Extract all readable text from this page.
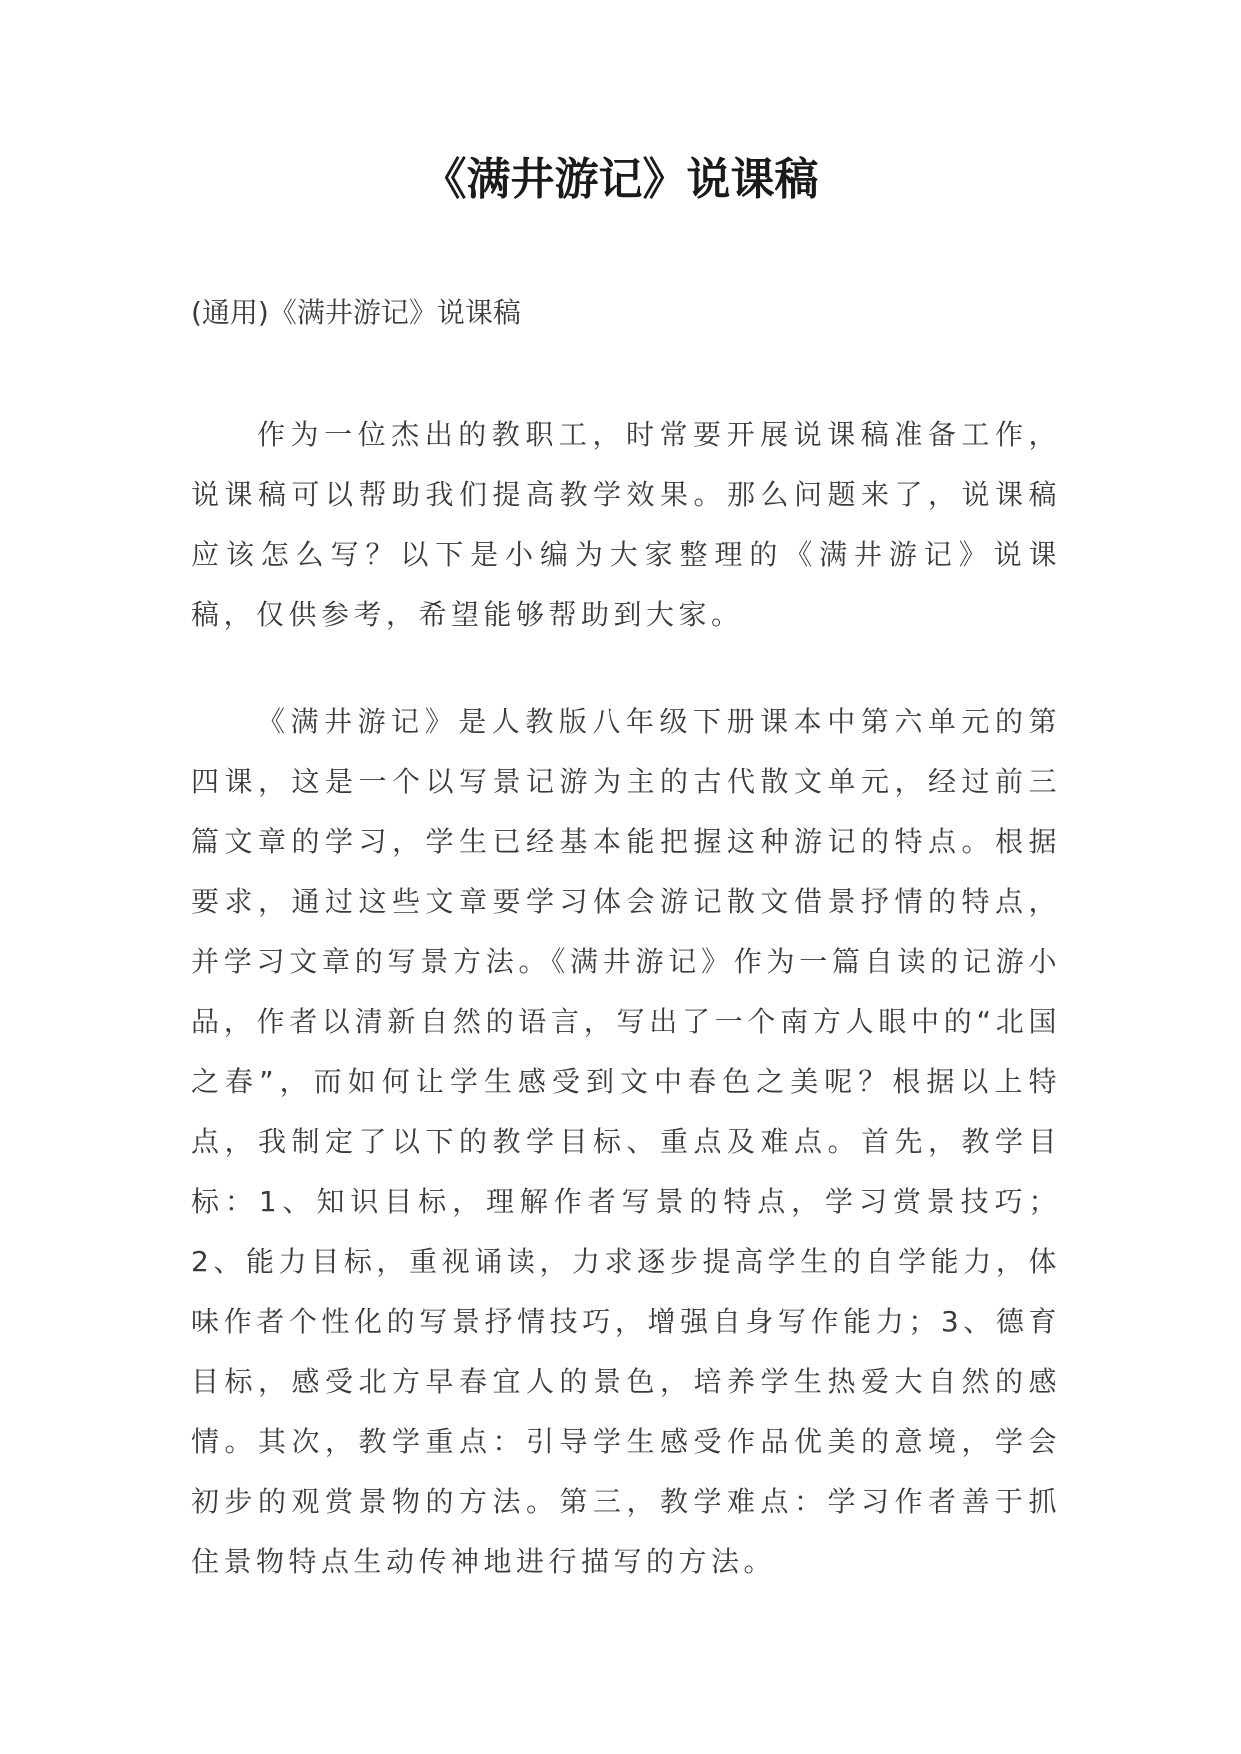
《满井游记》说课稿

(通用)《满井游记》说课稿

作为一位杰出的教职工，时常要开展说课稿准备工作，说课稿可以帮助我们提高教学效果。那么问题来了，说课稿应该怎么写？以下是小编为大家整理的《满井游记》说课稿，仅供参考，希望能够帮助到大家。

《满井游记》是人教版八年级下册课本中第六单元的第四课，这是一个以写景记游为主的古代散文单元，经过前三篇文章的学习，学生已经基本能把握这种游记的特点。根据要求，通过这些文章要学习体会游记散文借景抒情的特点，并学习文章的写景方法。《满井游记》作为一篇自读的记游小品，作者以清新自然的语言，写出了一个南方人眼中的“北国之春”，而如何让学生感受到文中春色之美呢？根据以上特点，我制定了以下的教学目标、重点及难点。首先，教学目标：1、知识目标，理解作者写景的特点，学习赏景技巧；2、能力目标，重视诵读，力求逐步提高学生的自学能力，体味作者个性化的写景抒情技巧，增强自身写作能力；3、德育目标，感受北方早春宜人的景色，培养学生热爱大自然的感情。其次，教学重点：引导学生感受作品优美的意境，学会初步的观赏景物的方法。第三，教学难点：学习作者善于抓住景物特点生动传神地进行描写的方法。
